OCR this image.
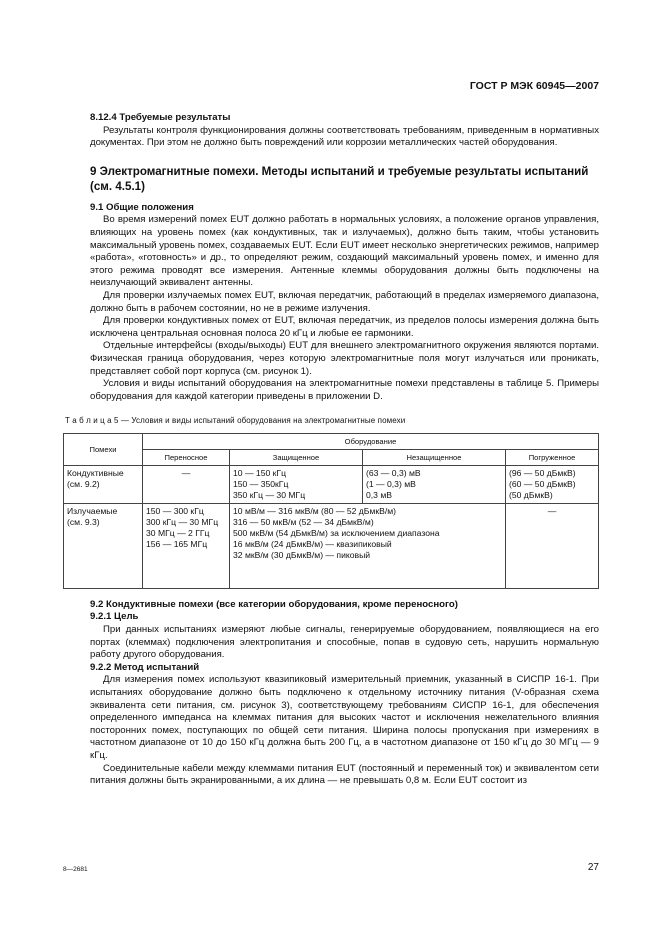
ГОСТ Р МЭК 60945—2007

8.12.4 Требуемые результаты

Результаты контроля функционирования должны соответствовать требованиям, приведенным в нормативных документах. При этом не должно быть повреждений или коррозии металлических частей оборудования.

9 Электромагнитные помехи. Методы испытаний и требуемые результаты испытаний (см. 4.5.1)

9.1 Общие положения

Во время измерений помех EUT должно работать в нормальных условиях, а положение органов управления, влияющих на уровень помех (как кондуктивных, так и излучаемых), должно быть таким, чтобы установить максимальный уровень помех, создаваемых EUT. Если EUT имеет несколько энергетических режимов, например «работа», «готовность» и др., то определяют режим, создающий максимальный уровень помех, и именно для этого режима проводят все измерения. Антенные клеммы оборудования должны быть подключены на неизлучающий эквивалент антенны.

Для проверки излучаемых помех EUT, включая передатчик, работающий в пределах измеряемого диапазона, должно быть в рабочем состоянии, но не в режиме излучения.

Для проверки кондуктивных помех от EUT, включая передатчик, из пределов полосы измерения должна быть исключена центральная основная полоса 20 кГц и любые ее гармоники.

Отдельные интерфейсы (входы/выходы) EUT для внешнего электромагнитного окружения являются портами. Физическая граница оборудования, через которую электромагнитные поля могут излучаться или проникать, представляет собой порт корпуса (см. рисунок 1).

Условия и виды испытаний оборудования на электромагнитные помехи представлены в таблице 5. Примеры оборудования для каждой категории приведены в приложении D.

Т а б л и ц а 5 — Условия и виды испытаний оборудования на электромагнитные помехи
Помехи	Оборудование			
	Переносное	Защищенное	Незащищенное	Погруженное

Кондуктивные
(см. 9.2)	—	10 — 150 кГц
150 — 350кГц
350 кГц — 30 МГц	(63 — 0,3) мВ
(1 — 0,3) мВ
0,3 мВ	(96 — 50 дБмкВ)
(60 — 50 дБмкВ)
(50 дБмкВ)

Излучаемые
(см. 9.3)	150 — 300 кГц
300 кГц — 30 МГц
30 МГц — 2 ГГц
156 — 165 МГц	10 мВ/м — 316 мкВ/м (80 — 52 дБмкВ/м)
316 — 50 мкВ/м (52 — 34 дБмкВ/м)
500 мкВ/м (54 дБмкВ/м) за исключением диапазона
16 мкВ/м (24 дБмкВ/м) — квазипиковый
32 мкВ/м (30 дБмкВ/м) — пиковый		—

9.2 Кондуктивные помехи (все категории оборудования, кроме переносного)

9.2.1 Цель

При данных испытаниях измеряют любые сигналы, генерируемые оборудованием, появляющиеся на его портах (клеммах) подключения электропитания и способные, попав в судовую сеть, нарушить нормальную работу другого оборудования.

9.2.2 Метод испытаний

Для измерения помех используют квазипиковый измерительный приемник, указанный в СИСПР 16-1. При испытаниях оборудование должно быть подключено к отдельному источнику питания (V-образная схема эквивалента сети питания, см. рисунок 3), соответствующему требованиям СИСПР 16-1, для обеспечения определенного импеданса на клеммах питания для высоких частот и исключения нежелательного влияния посторонних помех, поступающих по общей сети питания. Ширина полосы пропускания при измерениях в частотном диапазоне от 10 до 150 кГц должна быть 200 Гц, а в частотном диапазоне от 150 кГц до 30 МГц — 9 кГц.

Соединительные кабели между клеммами питания EUT (постоянный и переменный ток) и эквивалентом сети питания должны быть экранированными, а их длина — не превышать 0,8 м. Если EUT состоит из

8—2681	27
